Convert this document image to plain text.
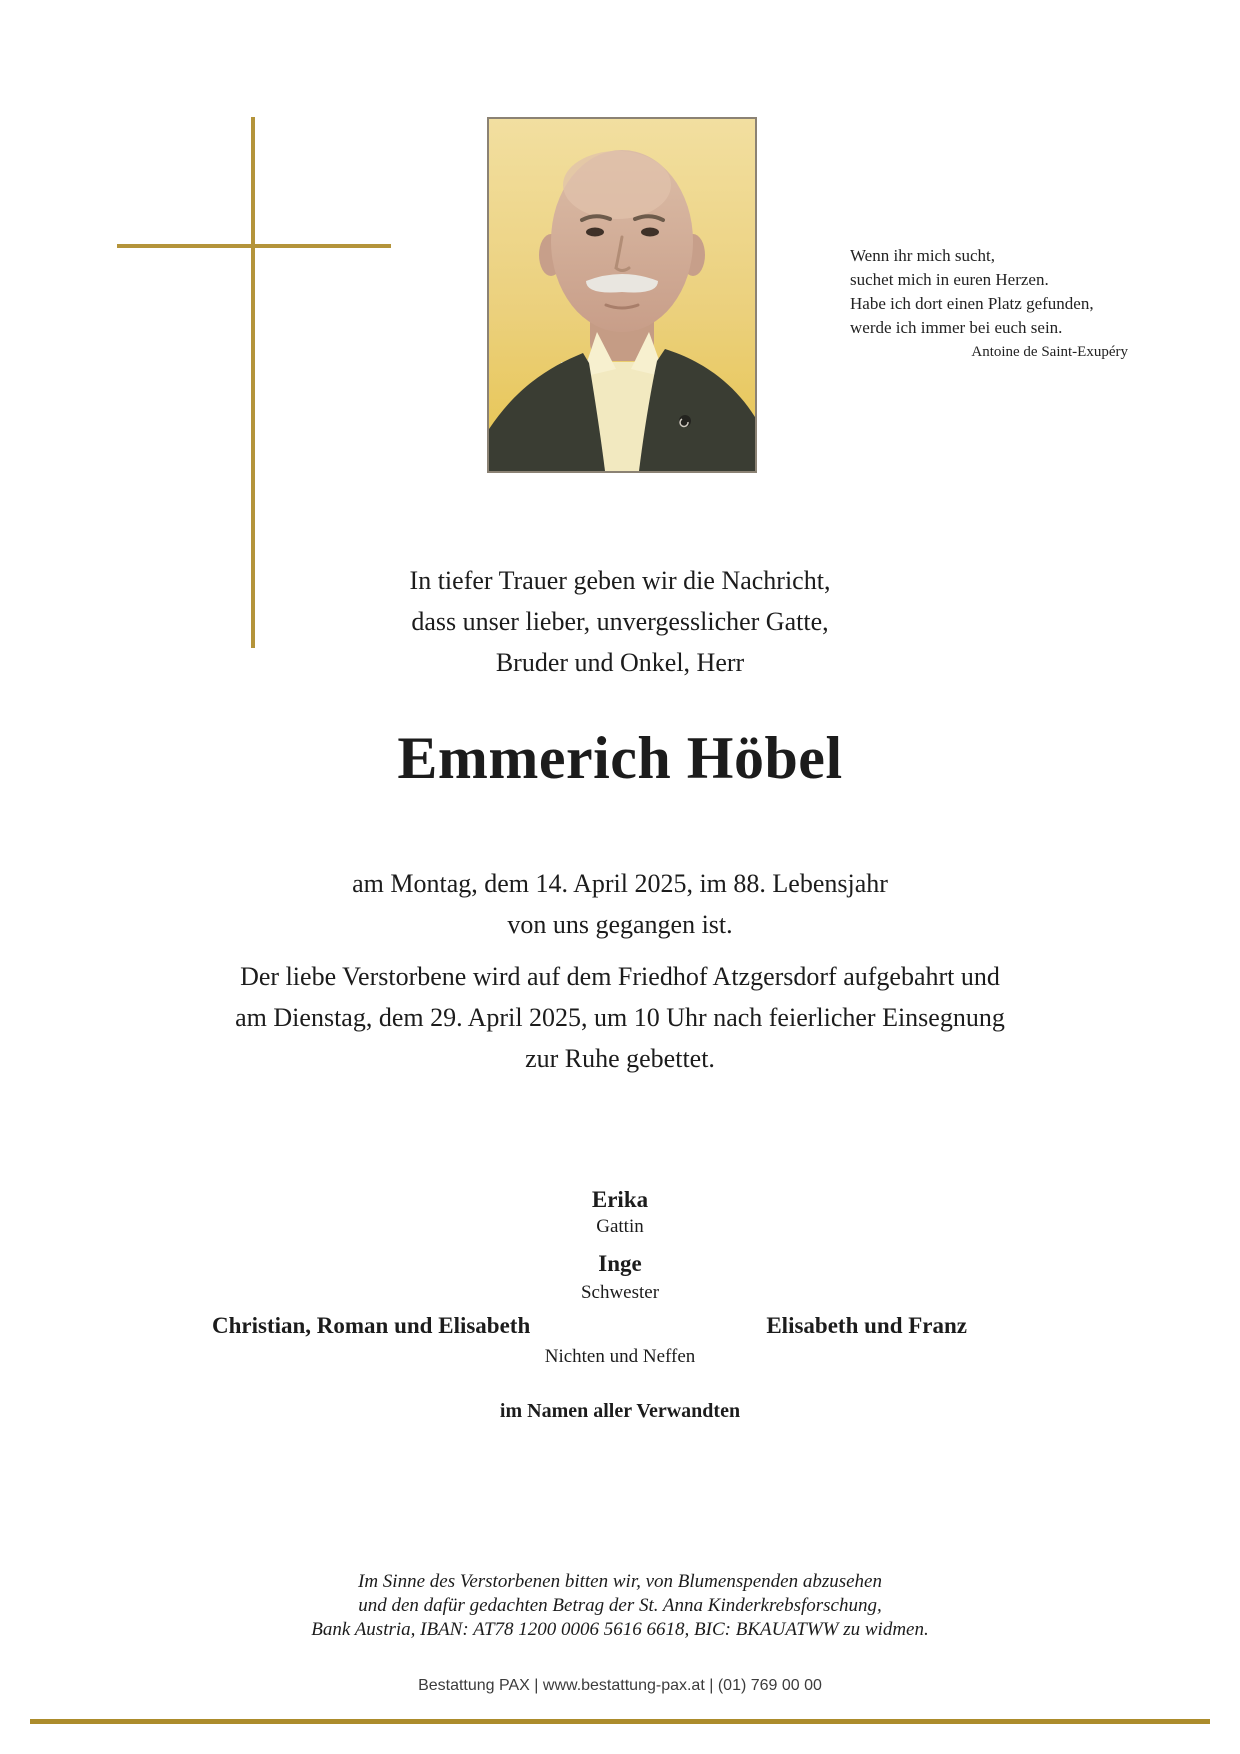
Wenn ihr mich sucht,
suchet mich in euren Herzen.
Habe ich dort einen Platz gefunden,
werde ich immer bei euch sein.
Antoine de Saint-Exupéry
In tiefer Trauer geben wir die Nachricht,
dass unser lieber, unvergesslicher Gatte,
Bruder und Onkel, Herr
Emmerich Höbel
am Montag, dem 14. April 2025, im 88. Lebensjahr
von uns gegangen ist.
Der liebe Verstorbene wird auf dem Friedhof Atzgersdorf aufgebahrt und
am Dienstag, dem 29. April 2025, um 10 Uhr nach feierlicher Einsegnung
zur Ruhe gebettet.
Erika
Gattin
Inge
Schwester
Christian, Roman und Elisabeth	Elisabeth und Franz
Nichten und Neffen
im Namen aller Verwandten
Im Sinne des Verstorbenen bitten wir, von Blumenspenden abzusehen
und den dafür gedachten Betrag der St. Anna Kinderkrebsforschung,
Bank Austria, IBAN: AT78 1200 0006 5616 6618, BIC: BKAUATWW zu widmen.
Bestattung PAX | www.bestattung-pax.at | (01) 769 00 00
